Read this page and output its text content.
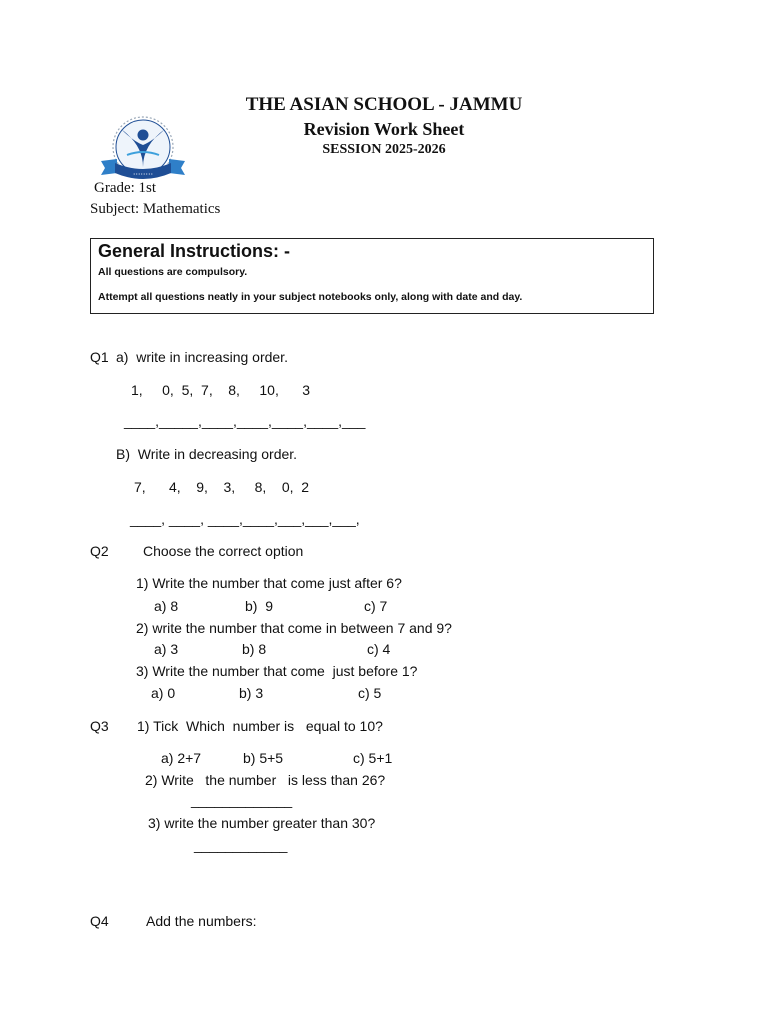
• • • • • • • •

THE ASIAN SCHOOL - JAMMU
Revision Work Sheet
SESSION 2025-2026
Grade: 1st
Subject: Mathematics
General Instructions: -
All questions are compulsory.
Attempt all questions neatly in your subject notebooks only, along with date and day.
Q1 a)  write in increasing order.
1,     0,  5,  7,    8,     10,      3
____,_____,____,____,____,____,___
B)  Write in decreasing order.
7,      4,    9,    3,     8,    0,  2
____, ____, ____,____,___,___,___,
Q2 Choose the correct option
1) Write the number that come just after 6?
a) 8	b)  9	c) 7
2) write the number that come in between 7 and 9?
a) 3	b) 8	c) 4
3) Write the number that come  just before 1?
a) 0	b) 3	c) 5
Q3 1) Tick  Which  number is   equal to 10?
a) 2+7	b) 5+5	c) 5+1
2) Write   the number   is less than 26?
_____________
3) write the number greater than 30?
____________
Q4	Add the numbers:
